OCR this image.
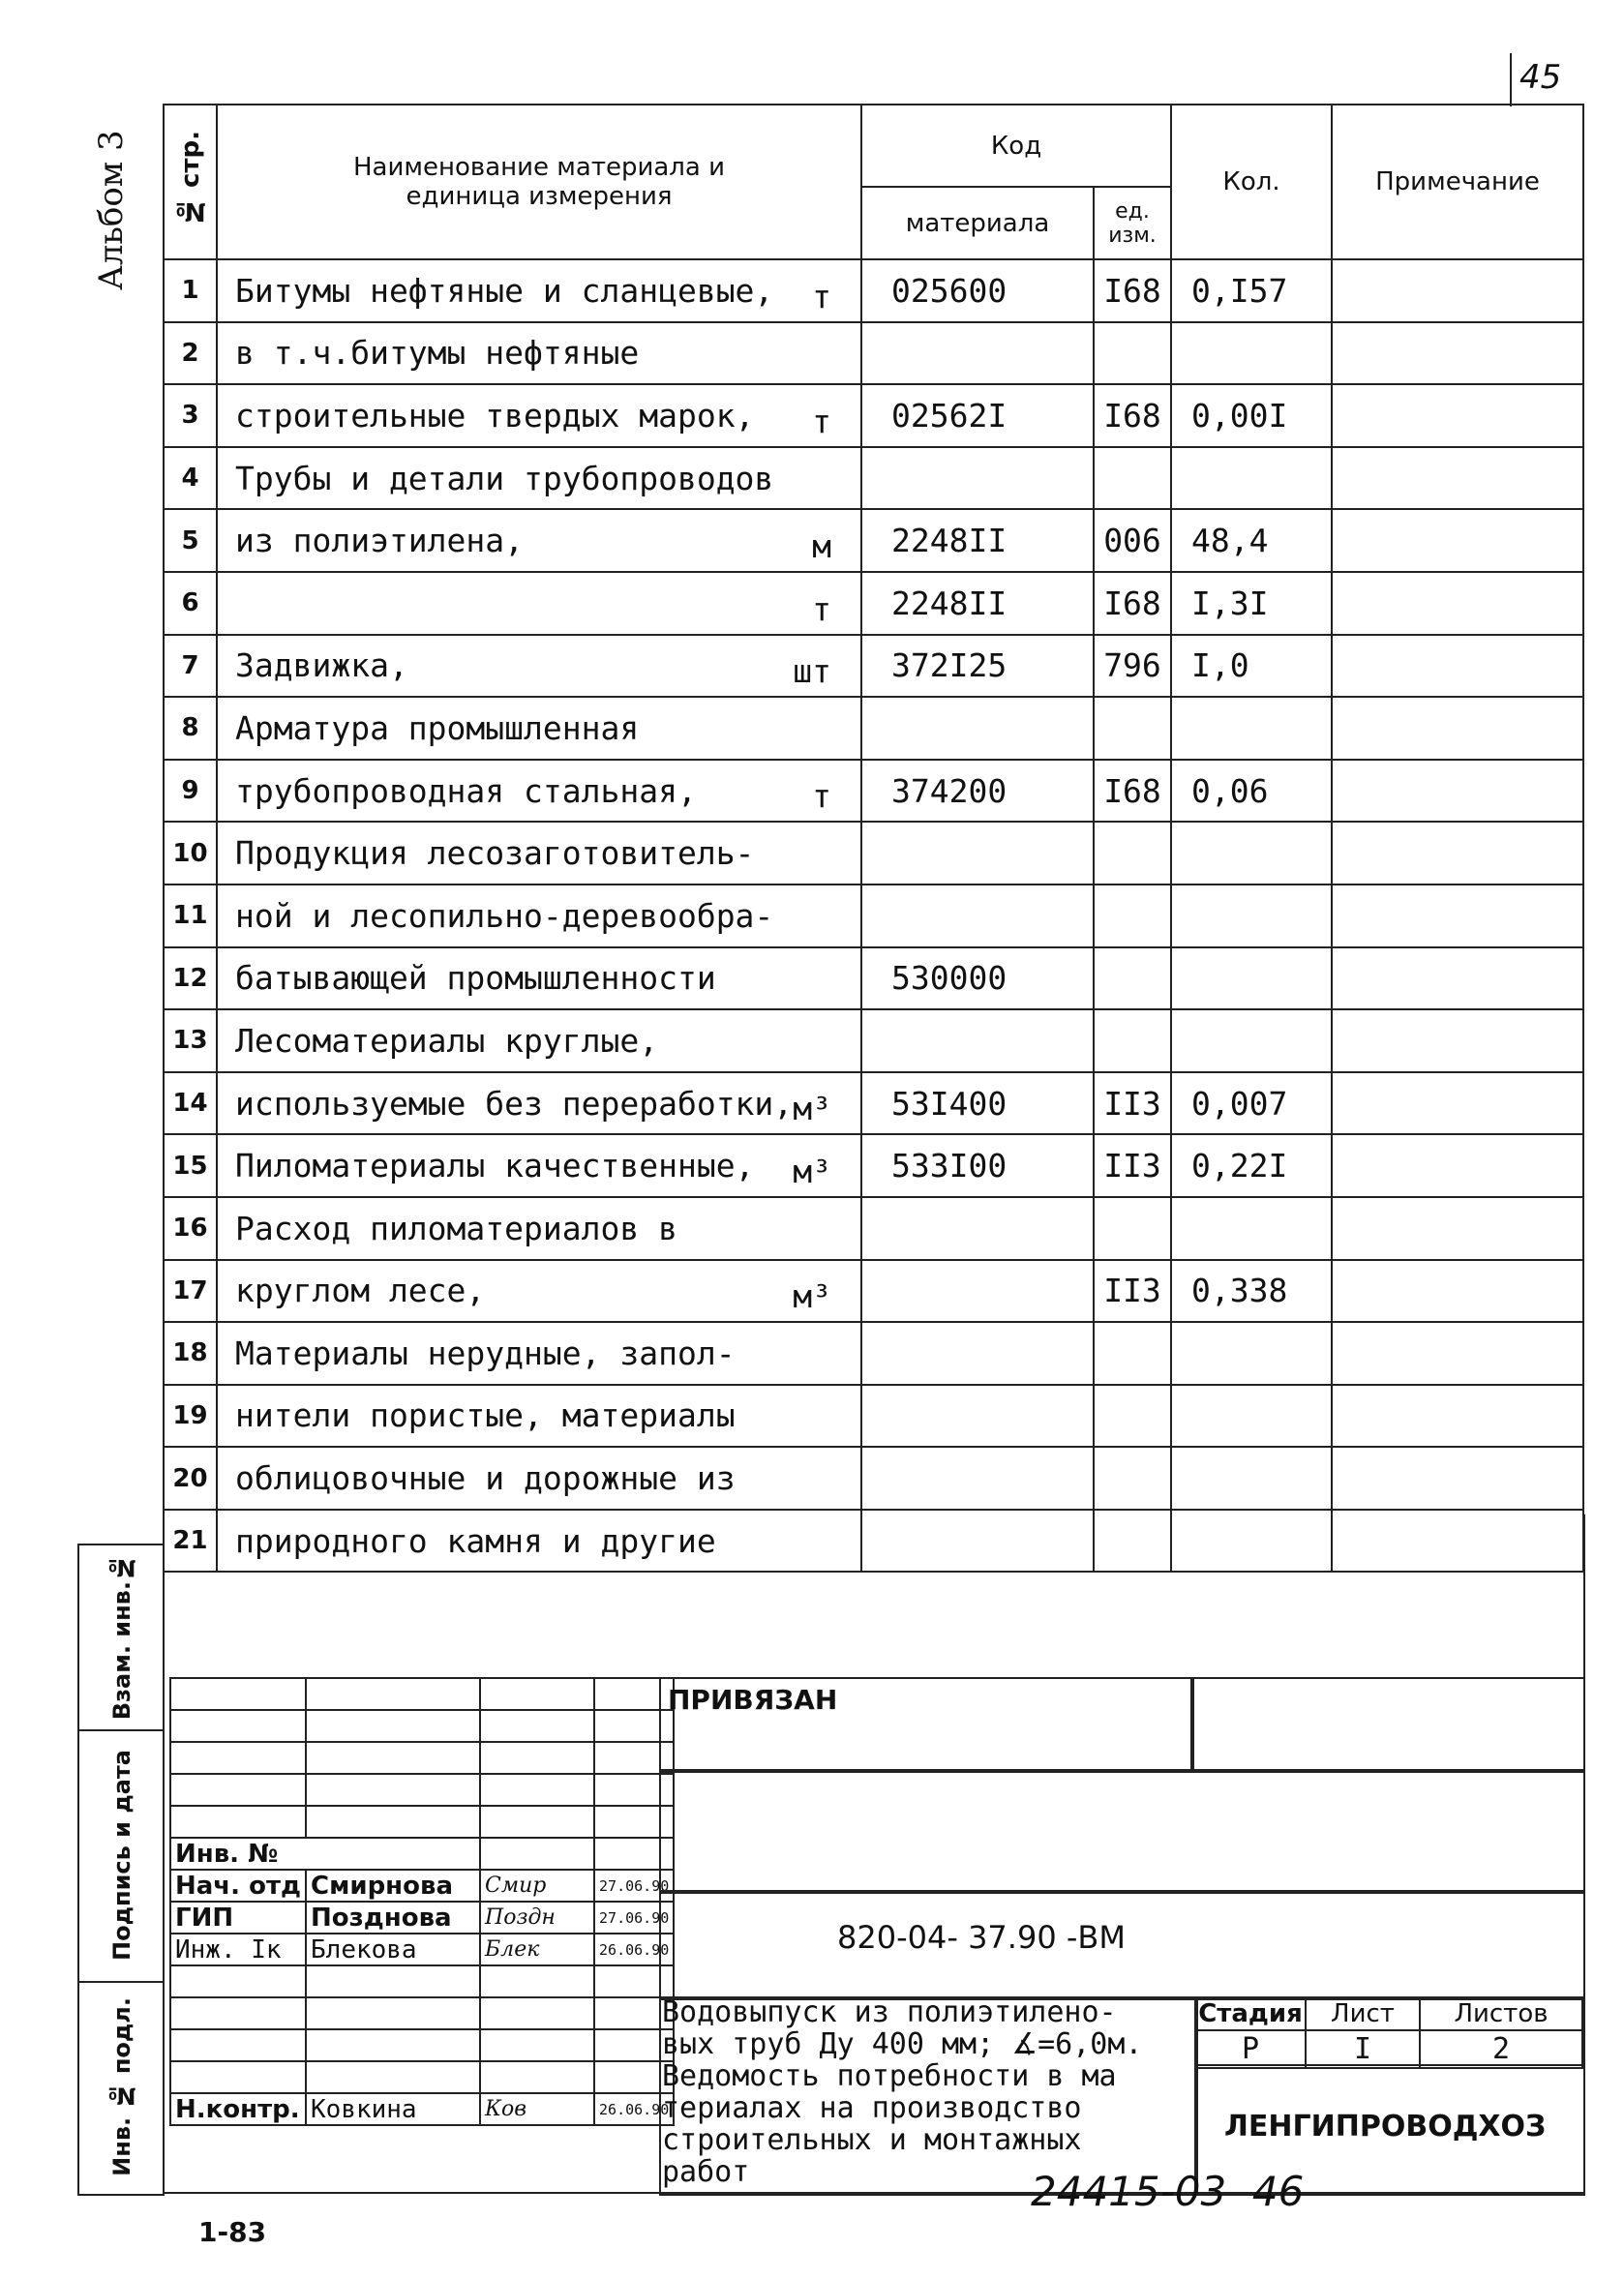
45
Альбом 3 № стр.	Наименование материала и единица измерения	Код		Кол.	Примечание
		материала	ед. изм.		
1	Битумы нефтяные и сланцевые, т	025600	I68	0,I57	
2	в т.ч.битумы нефтяные

3	строительные твердых марок, т	02562I	I68	0,00I	
4	Трубы и детали трубопроводов

5	из полиэтилена, м	2248II	006	48,4	
6	т	2248II	I68	I,3I	
7	Задвижка, шт	372I25	796	I,0	
8	Арматура промышленная

9	трубопроводная стальная, т	374200	I68	0,06	
10	Продукция лесозаготовитель-

11	ной и лесопильно-деревообра-

12	батывающей промышленности	530000			
13	Лесоматериалы круглые,

14	используемые без переработки, м³	53I400	II3	0,007	
15	Пиломатериалы качественные, м³	533I00	II3	0,22I	
16	Расход пиломатериалов в

17	круглом лесе, м³		II3	0,338	
18	Материалы нерудные, запол-

19	нители пористые, материалы

20	облицовочные и дорожные из

21	природного камня и другие

Взам. инв.№
Подпись и дата
Инв. № подл.

Инв. №			
Нач. отд	Смирнова	Смир	27.06.90
ГИП	Позднова	Поздн	27.06.90
Инж. Iк	Блекова	Блек	26.06.90

Н.контр.	Ковкина	Ков	26.06.90
ПРИВЯЗАН
820-04- 37.90 -ВМ
Водовыпуск из полиэтилено-
вых труб Ду 400 мм; ∡=6,0м.
Ведомость потребности в ма
териалах на производство
строительных и монтажных
работ
Стадия	Лист	Листов
Р	I	2
ЛЕНГИПРОВОДХОЗ
1-83
24415-03  46
